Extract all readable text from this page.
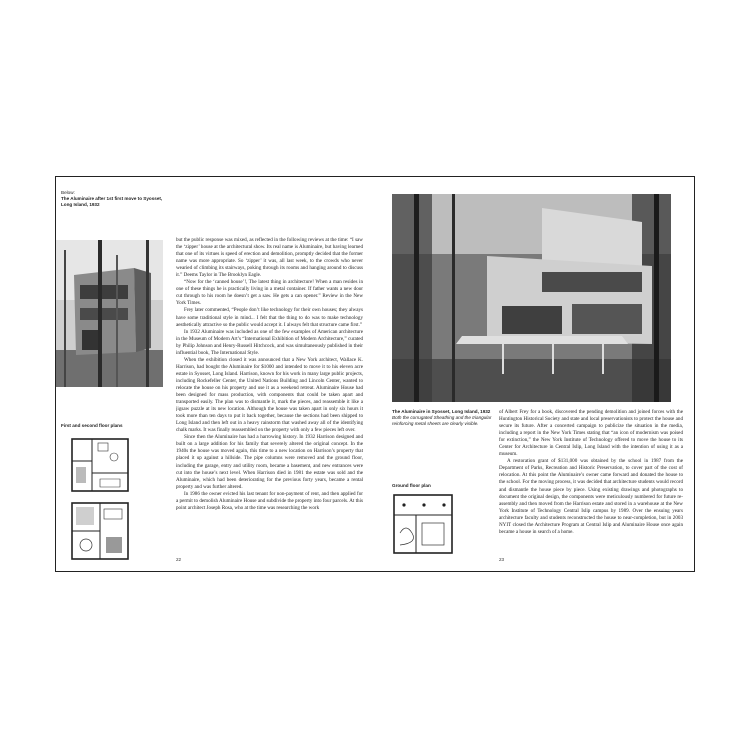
Below:
The Aluminaire after 1st first move to Syosset, Long Island, 1932
First and second floor plans

but the public response was mixed, as reflected in the following reviews at the time: “I saw the ‘zipper’ house at the architectural show. Its real name is Aluminaire, but having learned that one of its virtues is speed of erection and demolition, promptly decided that the former name was more appropriate. So ‘zipper’ it was, all last week, to the crowds who never wearied of climbing its stairways, poking through its rooms and hanging around to discuss it.” Deems Taylor in The Brooklyn Eagle.

“Now for the ‘canned house’!, The latest thing in architecture! When a man resides in one of these things he is practically living in a metal container. If father wants a new door cut through to his room he doesn’t get a saw. He gets a can opener.” Review in the New York Times.

Frey later commented, “People don’t like technology for their own houses; they always have some traditional style in mind... I felt that the thing to do was to make technology aesthetically attractive so the public would accept it. I always felt that structure came first.”

In 1932 Aluminaire was included as one of the few examples of American architecture in the Museum of Modern Art’s “International Exhibition of Modern Architecture,” curated by Philip Johnson and Henry-Russell Hitchcock, and was simultaneously published in their influential book, The International Style.

When the exhibition closed it was announced that a New York architect, Wallace K. Harrison, had bought the Aluminaire for $1000 and intended to move it to his eleven acre estate in Syosset, Long Island. Harrison, known for his work in many large public projects, including Rockefeller Center, the United Nations Building and Lincoln Center, wanted to relocate the house on his property and use it as a weekend retreat. Aluminaire House had been designed for mass production, with components that could be taken apart and transported easily. The plan was to dismantle it, mark the pieces, and reassemble it like a jigsaw puzzle at its new location. Although the house was taken apart in only six hours it took more than ten days to put it back together, because the sections had been shipped to Long Island and then left out in a heavy rainstorm that washed away all of the identifying chalk marks. It was finally reassembled on the property with only a few pieces left over.

Since then the Aluminaire has had a harrowing history. In 1932 Harrison designed and built on a large addition for his family that severely altered the original concept. In the 1940s the house was moved again, this time to a new location on Harrison’s property that placed it up against a hillside. The pipe columns were removed and the ground floor, including the garage, entry and utility room, became a basement, and new entrances were cut into the house’s next level. When Harrison died in 1981 the estate was sold and the Aluminaire, which had been deteriorating for the previous forty years, became a rental property and was further altered.

In 1986 the owner evicted his last tenant for non-payment of rent, and then applied for a permit to demolish Aluminaire House and subdivide the property into four parcels. At this point architect Joseph Rosa, who at the time was researching the work

22
The Aluminaire in Syosset, Long Island, 1932
Both the corrugated Sheathing and the triangular reinforcing metal sheets are clearly visible.
Ground floor plan

of Albert Frey for a book, discovered the pending demolition and joined forces with the Huntington Historical Society and state and local preservationists to protect the house and secure its future. After a concerted campaign to publicize the situation in the media, including a report in the New York Times stating that “an icon of modernism was poised for extinction,” the New York Institute of Technology offered to move the house to its Center for Architecture in Central Islip, Long Island with the intention of using it as a museum.

A restoration grant of $131,000 was obtained by the school in 1987 from the Department of Parks, Recreation and Historic Preservation, to cover part of the cost of relocation. At this point the Aluminaire’s owner came forward and donated the house to the school. For the moving process, it was decided that architecture students would record and dismantle the house piece by piece. Using existing drawings and photographs to document the original design, the components were meticulously numbered for future re-assembly and then moved from the Harrison estate and stored in a warehouse at the New York Institute of Technology Central Islip campus by 1989. Over the ensuing years architecture faculty and students reconstructed the house to near-completion, but in 2003 NYIT closed the Architecture Program at Central Islip and Aluminaire House once again became a house in search of a home.

23
